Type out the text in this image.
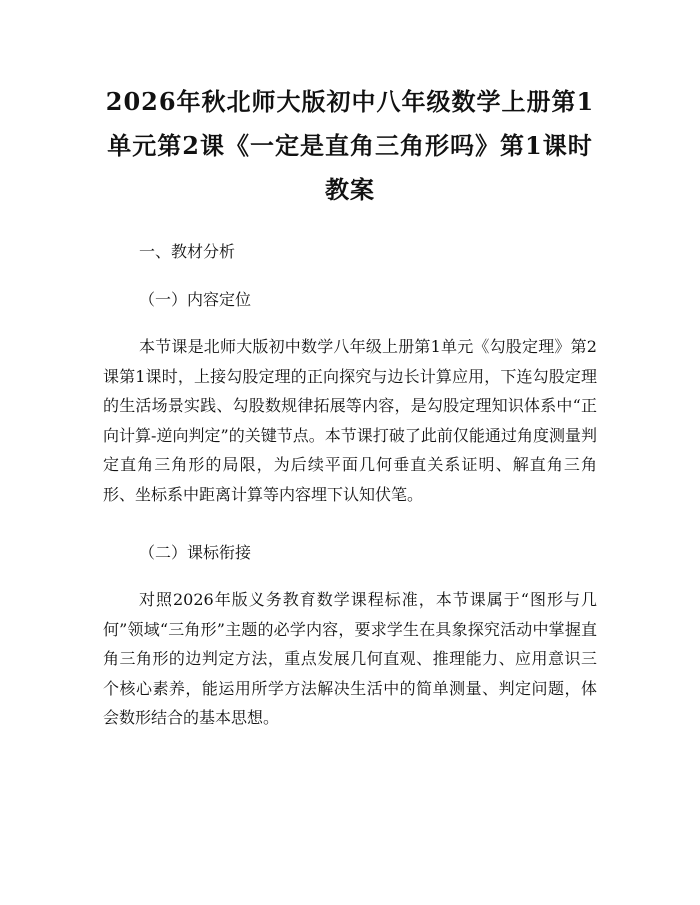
2026年秋北师大版初中八年级数学上册第1单元第2课《一定是直角三角形吗》第1课时教案

一、教材分析

（一）内容定位

本节课是北师大版初中数学八年级上册第1单元《勾股定理》第2课第1课时，上接勾股定理的正向探究与边长计算应用，下连勾股定理的生活场景实践、勾股数规律拓展等内容，是勾股定理知识体系中“正向计算-逆向判定”的关键节点。本节课打破了此前仅能通过角度测量判定直角三角形的局限，为后续平面几何垂直关系证明、解直角三角形、坐标系中距离计算等内容埋下认知伏笔。

（二）课标衔接

对照2026年版义务教育数学课程标准，本节课属于“图形与几何”领域“三角形”主题的必学内容，要求学生在具象探究活动中掌握直角三角形的边判定方法，重点发展几何直观、推理能力、应用意识三个核心素养，能运用所学方法解决生活中的简单测量、判定问题，体会数形结合的基本思想。
